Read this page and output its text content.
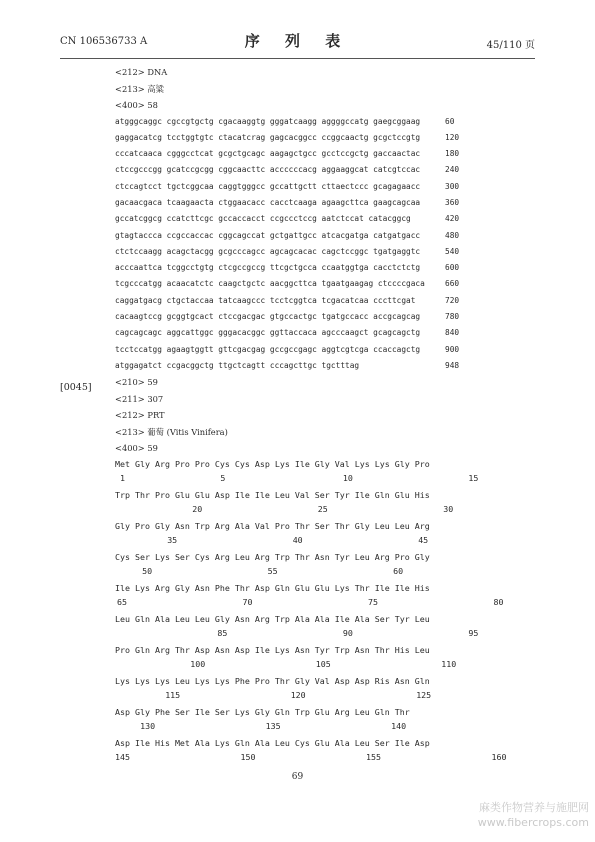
CN 106536733 A	序 列 表	45/110 页
[0045]
<212> DNA
<213> 高粱
<400> 58
atgggcaggc cgccgtgctg cgacaaggtg gggatcaagg aggggccatg gaegcggaag	60
gaggacatcg tcctggtgtc ctacatcrag gagcacggcc ccggcaactg gcgctccgtg	120
cccatcaaca cgggcctcat gcgctgcagc aagagctgcc gcctccgctg gaccaactac	180
ctccgcccgg gcatccgcgg cggcaacttc accccccacg aggaaggcat catcgtccac	240
ctccagtcct tgctcggcaa caggtgggcc gccattgctt cttaectccc gcagagaacc	300
gacaacgaca tcaagaacta ctggaacacc cacctcaaga agaagcttca gaagcagcaa	360
gccatcggcg ccatcttcgc gccaccacct ccgccctccg aatctccat catacggcg	420
gtagtaccca ccgccaccac cggcagccat gctgattgcc atcacgatga catgatgacc	480
ctctccaagg acagctacgg gcgcccagcc agcagcacac cagctccggc tgatgaggtc	540
acccaattca tcggcctgtg ctcgccgccg ttcgctgcca ccaatggtga cacctctctg	600
tcgcccatgg acaacatctc caagctgctc aacggcttca tgaatgaagag ctccccgaca	660
caggatgacg ctgctaccaa tatcaagccc tcctcggtca tcgacatcaa cccttcgat	720
cacaagtccg gcggtgcact ctccgacgac gtgccactgc tgatgccacc accgcagcag	780
cagcagcagc aggcattggc gggacacggc ggttaccaca agcccaagct gcagcagctg	840
tcctccatgg agaagtggtt gttcgacgag gccgccgagc aggtcgtcga ccaccagctg	900
atggagatct ccgacggctg ttgctcagtt cccagcttgc tgctttag	948
<210> 59
<211> 307
<212> PRT
<213> 葡萄 (Vitis Vinifera)
<400> 59
Met Gly Arg Pro Pro Cys Cys Asp Lys Ile Gly Val Lys Lys Gly Pro
1	5	10	15
Trp Thr Pro Glu Glu Asp Ile Ile Leu Val Ser Tyr Ile Gln Glu His
20	25	30
Gly Pro Gly Asn Trp Arg Ala Val Pro Thr Ser Thr Gly Leu Leu Arg
35	40	45
Cys Ser Lys Ser Cys Arg Leu Arg Trp Thr Asn Tyr Leu Arg Pro Gly
50	55	60
Ile Lys Arg Gly Asn Phe Thr Asp Gln Glu Glu Lys Thr Ile Ile His
65	70	75	80
Leu Gln Ala Leu Leu Gly Asn Arg Trp Ala Ala Ile Ala Ser Tyr Leu
85	90	95
Pro Gln Arg Thr Asp Asn Asp Ile Lys Asn Tyr Trp Asn Thr His Leu
100	105	110
Lys Lys Lys Leu Lys Lys Phe Pro Thr Gly Val Asp Asp Ris Asn Gln
115	120	125
Asp Gly Phe Ser Ile Ser Lys Gly Gln Trp Glu Arg Leu Gln Thr
130	135	140
Asp Ile His Met Ala Lys Gln Ala Leu Cys Glu Ala Leu Ser Ile Asp
145	150	155	160
69
麻类作物营养与施肥网
www.fibercrops.com
